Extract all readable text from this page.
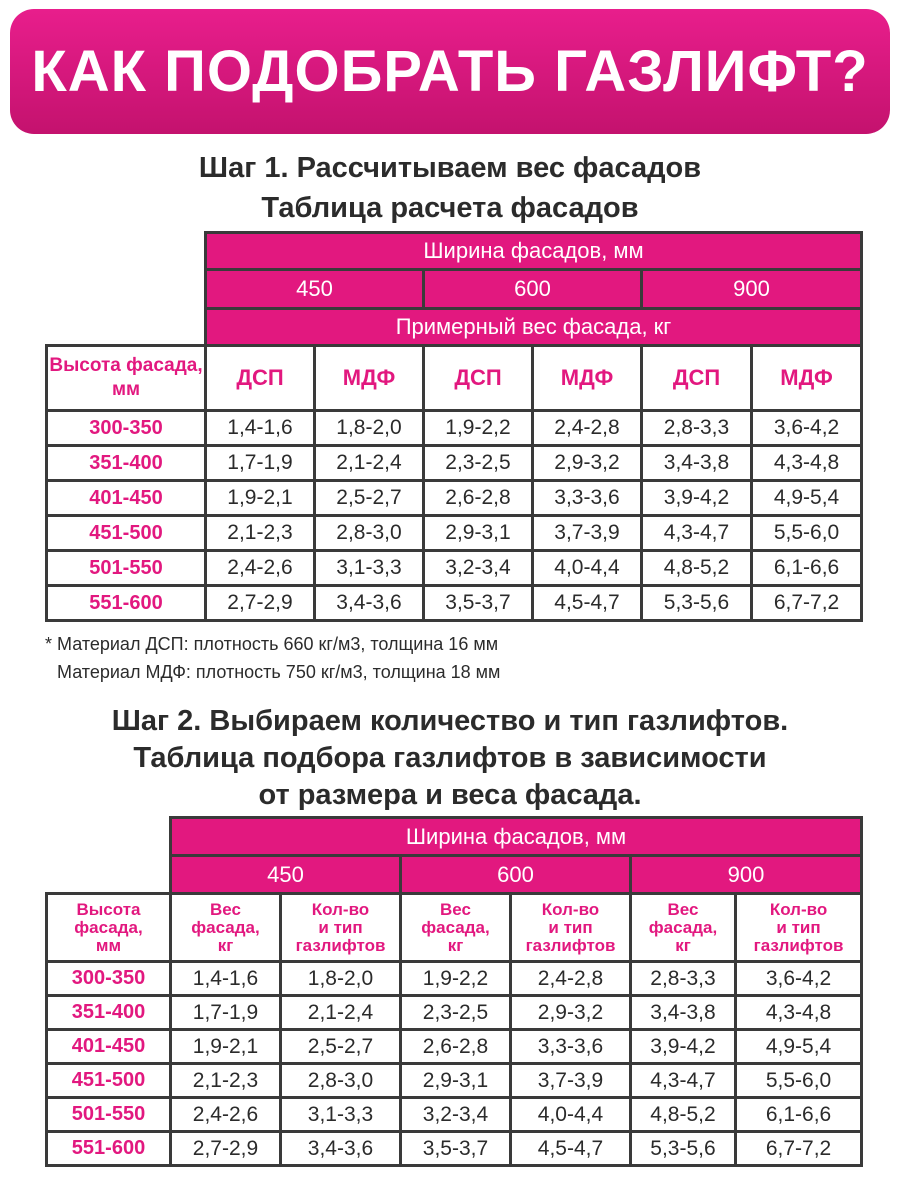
КАК ПОДОБРАТЬ ГАЗЛИФТ?
Шаг 1. Рассчитываем вес фасадов
Таблица расчета фасадов
	Ширина фасадов, мм					
	450		600		900	
	Примерный вес фасада, кг					
Высота фасада, мм	ДСП	МДФ	ДСП	МДФ	ДСП	МДФ
300-350	1,4-1,6	1,8-2,0	1,9-2,2	2,4-2,8	2,8-3,3	3,6-4,2
351-400	1,7-1,9	2,1-2,4	2,3-2,5	2,9-3,2	3,4-3,8	4,3-4,8
401-450	1,9-2,1	2,5-2,7	2,6-2,8	3,3-3,6	3,9-4,2	4,9-5,4
451-500	2,1-2,3	2,8-3,0	2,9-3,1	3,7-3,9	4,3-4,7	5,5-6,0
501-550	2,4-2,6	3,1-3,3	3,2-3,4	4,0-4,4	4,8-5,2	6,1-6,6
551-600	2,7-2,9	3,4-3,6	3,5-3,7	4,5-4,7	5,3-5,6	6,7-7,2
* Материал ДСП: плотность 660 кг/м3, толщина 16 мм
Материал МДФ: плотность 750 кг/м3, толщина 18 мм
Шаг 2. Выбираем количество и тип газлифтов.
Таблица подбора газлифтов в зависимости
от размера и веса фасада.
	Ширина фасадов, мм					
	450		600		900	
Высота
фасада,
мм	Вес
фасада,
кг	Кол-во
и тип
газлифтов	Вес
фасада,
кг	Кол-во
и тип
газлифтов	Вес
фасада,
кг	Кол-во
и тип
газлифтов
300-350	1,4-1,6	1,8-2,0	1,9-2,2	2,4-2,8	2,8-3,3	3,6-4,2
351-400	1,7-1,9	2,1-2,4	2,3-2,5	2,9-3,2	3,4-3,8	4,3-4,8
401-450	1,9-2,1	2,5-2,7	2,6-2,8	3,3-3,6	3,9-4,2	4,9-5,4
451-500	2,1-2,3	2,8-3,0	2,9-3,1	3,7-3,9	4,3-4,7	5,5-6,0
501-550	2,4-2,6	3,1-3,3	3,2-3,4	4,0-4,4	4,8-5,2	6,1-6,6
551-600	2,7-2,9	3,4-3,6	3,5-3,7	4,5-4,7	5,3-5,6	6,7-7,2
